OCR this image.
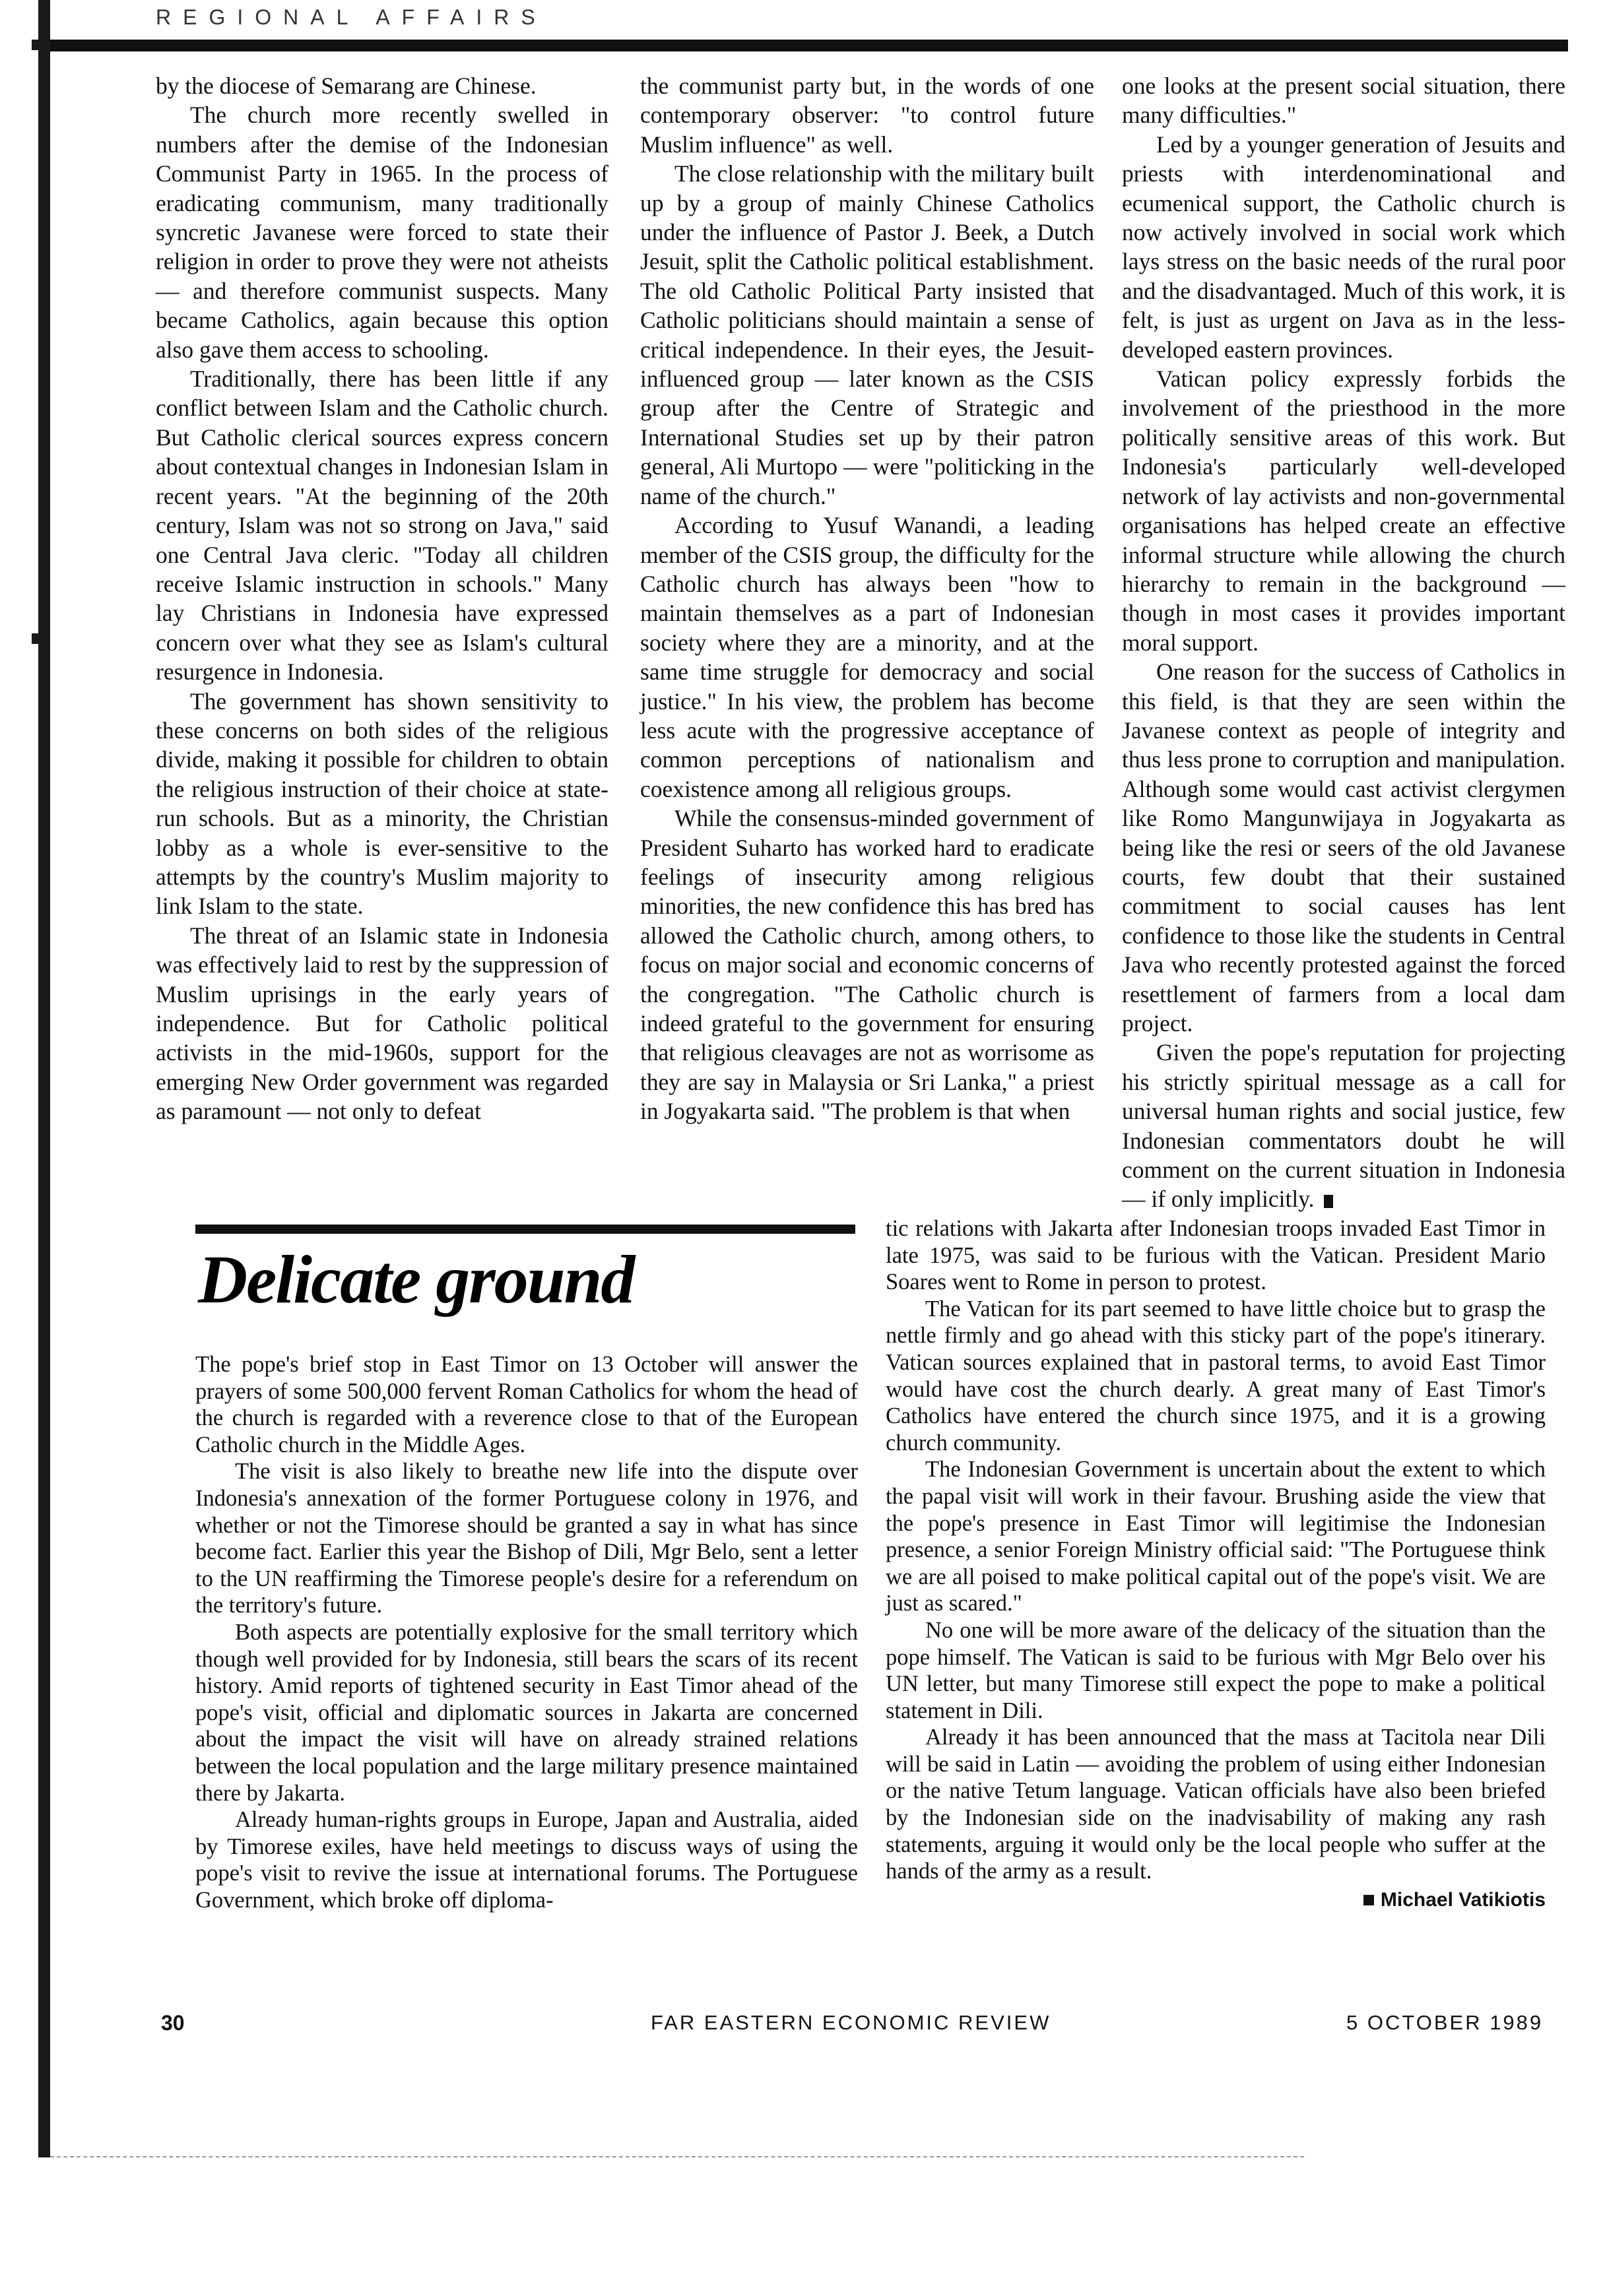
REGIONAL AFFAIRS

by the diocese of Semarang are Chinese.

The church more recently swelled in numbers after the demise of the Indonesian Communist Party in 1965. In the process of eradicating communism, many traditionally syncretic Javanese were forced to state their religion in order to prove they were not atheists — and therefore communist suspects. Many became Catholics, again because this option also gave them access to schooling.

Traditionally, there has been little if any conflict between Islam and the Catholic church. But Catholic clerical sources express concern about contextual changes in Indonesian Islam in recent years. "At the beginning of the 20th century, Islam was not so strong on Java," said one Central Java cleric. "Today all children receive Islamic instruction in schools." Many lay Christians in Indonesia have expressed concern over what they see as Islam's cultural resurgence in Indonesia.

The government has shown sensitivity to these concerns on both sides of the religious divide, making it possible for children to obtain the religious instruction of their choice at state-run schools. But as a minority, the Christian lobby as a whole is ever-sensitive to the attempts by the country's Muslim majority to link Islam to the state.

The threat of an Islamic state in Indonesia was effectively laid to rest by the suppression of Muslim uprisings in the early years of independence. But for Catholic political activists in the mid-1960s, support for the emerging New Order government was regarded as paramount — not only to defeat

the communist party but, in the words of one contemporary observer: "to control future Muslim influence" as well.

The close relationship with the military built up by a group of mainly Chinese Catholics under the influence of Pastor J. Beek, a Dutch Jesuit, split the Catholic political establishment. The old Catholic Political Party insisted that Catholic politicians should maintain a sense of critical independence. In their eyes, the Jesuit-influenced group — later known as the CSIS group after the Centre of Strategic and International Studies set up by their patron general, Ali Murtopo — were "politicking in the name of the church."

According to Yusuf Wanandi, a leading member of the CSIS group, the difficulty for the Catholic church has always been "how to maintain themselves as a part of Indonesian society where they are a minority, and at the same time struggle for democracy and social justice." In his view, the problem has become less acute with the progressive acceptance of common perceptions of nationalism and coexistence among all religious groups.

While the consensus-minded government of President Suharto has worked hard to eradicate feelings of insecurity among religious minorities, the new confidence this has bred has allowed the Catholic church, among others, to focus on major social and economic concerns of the congregation. "The Catholic church is indeed grateful to the government for ensuring that religious cleavages are not as worrisome as they are say in Malaysia or Sri Lanka," a priest in Jogyakarta said. "The problem is that when

one looks at the present social situation, there many difficulties."

Led by a younger generation of Jesuits and priests with interdenominational and ecumenical support, the Catholic church is now actively involved in social work which lays stress on the basic needs of the rural poor and the disadvantaged. Much of this work, it is felt, is just as urgent on Java as in the less-developed eastern provinces.

Vatican policy expressly forbids the involvement of the priesthood in the more politically sensitive areas of this work. But Indonesia's particularly well-developed network of lay activists and non-governmental organisations has helped create an effective informal structure while allowing the church hierarchy to remain in the background — though in most cases it provides important moral support.

One reason for the success of Catholics in this field, is that they are seen within the Javanese context as people of integrity and thus less prone to corruption and manipulation. Although some would cast activist clergymen like Romo Mangunwijaya in Jogyakarta as being like the resi or seers of the old Javanese courts, few doubt that their sustained commitment to social causes has lent confidence to those like the students in Central Java who recently protested against the forced resettlement of farmers from a local dam project.

Given the pope's reputation for projecting his strictly spiritual message as a call for universal human rights and social justice, few Indonesian commentators doubt he will comment on the current situation in Indonesia — if only implicitly.

Delicate ground

The pope's brief stop in East Timor on 13 October will answer the prayers of some 500,000 fervent Roman Catholics for whom the head of the church is regarded with a reverence close to that of the European Catholic church in the Middle Ages.

The visit is also likely to breathe new life into the dispute over Indonesia's annexation of the former Portuguese colony in 1976, and whether or not the Timorese should be granted a say in what has since become fact. Earlier this year the Bishop of Dili, Mgr Belo, sent a letter to the UN reaffirming the Timorese people's desire for a referendum on the territory's future.

Both aspects are potentially explosive for the small territory which though well provided for by Indonesia, still bears the scars of its recent history. Amid reports of tightened security in East Timor ahead of the pope's visit, official and diplomatic sources in Jakarta are concerned about the impact the visit will have on already strained relations between the local population and the large military presence maintained there by Jakarta.

Already human-rights groups in Europe, Japan and Australia, aided by Timorese exiles, have held meetings to discuss ways of using the pope's visit to revive the issue at international forums. The Portuguese Government, which broke off diploma-

tic relations with Jakarta after Indonesian troops invaded East Timor in late 1975, was said to be furious with the Vatican. President Mario Soares went to Rome in person to protest.

The Vatican for its part seemed to have little choice but to grasp the nettle firmly and go ahead with this sticky part of the pope's itinerary. Vatican sources explained that in pastoral terms, to avoid East Timor would have cost the church dearly. A great many of East Timor's Catholics have entered the church since 1975, and it is a growing church community.

The Indonesian Government is uncertain about the extent to which the papal visit will work in their favour. Brushing aside the view that the pope's presence in East Timor will legitimise the Indonesian presence, a senior Foreign Ministry official said: "The Portuguese think we are all poised to make political capital out of the pope's visit. We are just as scared."

No one will be more aware of the delicacy of the situation than the pope himself. The Vatican is said to be furious with Mgr Belo over his UN letter, but many Timorese still expect the pope to make a political statement in Dili.

Already it has been announced that the mass at Tacitola near Dili will be said in Latin — avoiding the problem of using either Indonesian or the native Tetum language. Vatican officials have also been briefed by the Indonesian side on the inadvisability of making any rash statements, arguing it would only be the local people who suffer at the hands of the army as a result.

Michael Vatikiotis
30	FAR EASTERN ECONOMIC REVIEW	5 OCTOBER 1989
